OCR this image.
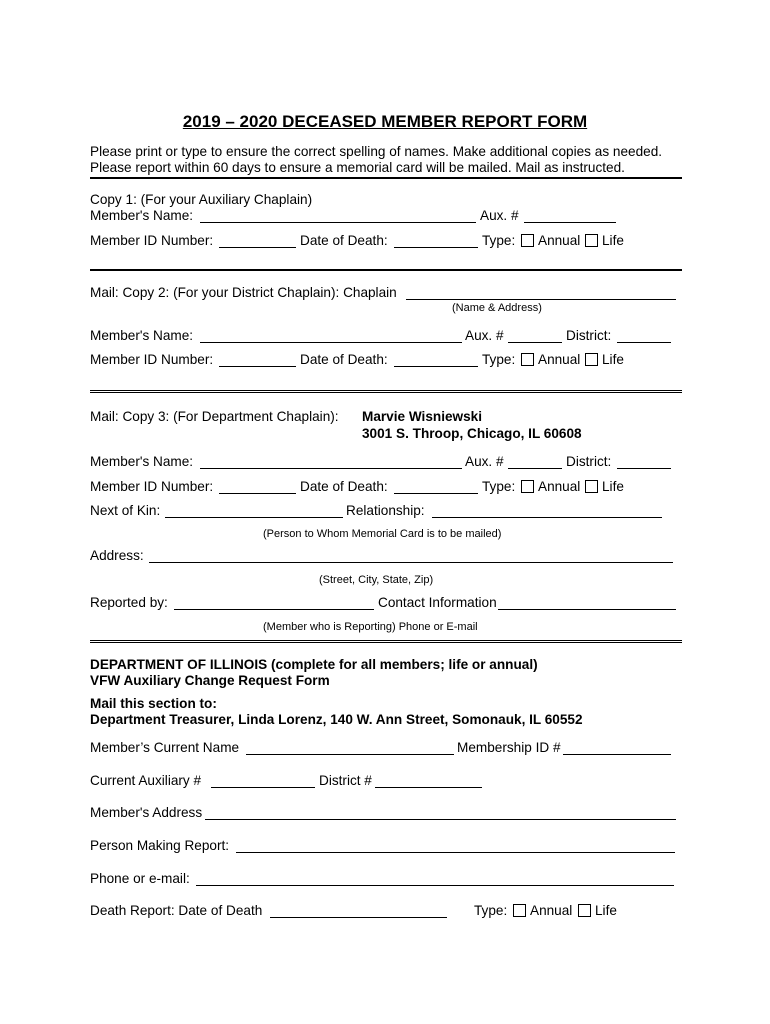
2019 – 2020 DECEASED MEMBER REPORT FORM
Please print or type to ensure the correct spelling of names. Make additional copies as needed.
Please report within 60 days to ensure a memorial card will be mailed. Mail as instructed.
Copy 1: (For your Auxiliary Chaplain)
Member's Name:	Aux. #
Member ID Number:	Date of Death:	Type: Annual Life
Mail: Copy 2: (For your District Chaplain): Chaplain
(Name & Address)
Member's Name:	Aux. #	District:
Member ID Number:	Date of Death:	Type: Annual Life
Mail: Copy 3: (For Department Chaplain): Marvie Wisniewski
3001 S. Throop, Chicago, IL 60608
Member's Name:	Aux. #	District:
Member ID Number:	Date of Death:	Type: Annual Life
Next of Kin:	Relationship:
(Person to Whom Memorial Card is to be mailed)
Address:
(Street, City, State, Zip)
Reported by:	Contact Information
(Member who is Reporting) Phone or E-mail
DEPARTMENT OF ILLINOIS (complete for all members; life or annual)
VFW Auxiliary Change Request Form
Mail this section to:
Department Treasurer, Linda Lorenz, 140 W. Ann Street, Somonauk, IL 60552
Member’s Current Name	Membership ID #
Current Auxiliary #	District #
Member's Address
Person Making Report:
Phone or e-mail:
Death Report: Date of Death	Type: Annual Life
